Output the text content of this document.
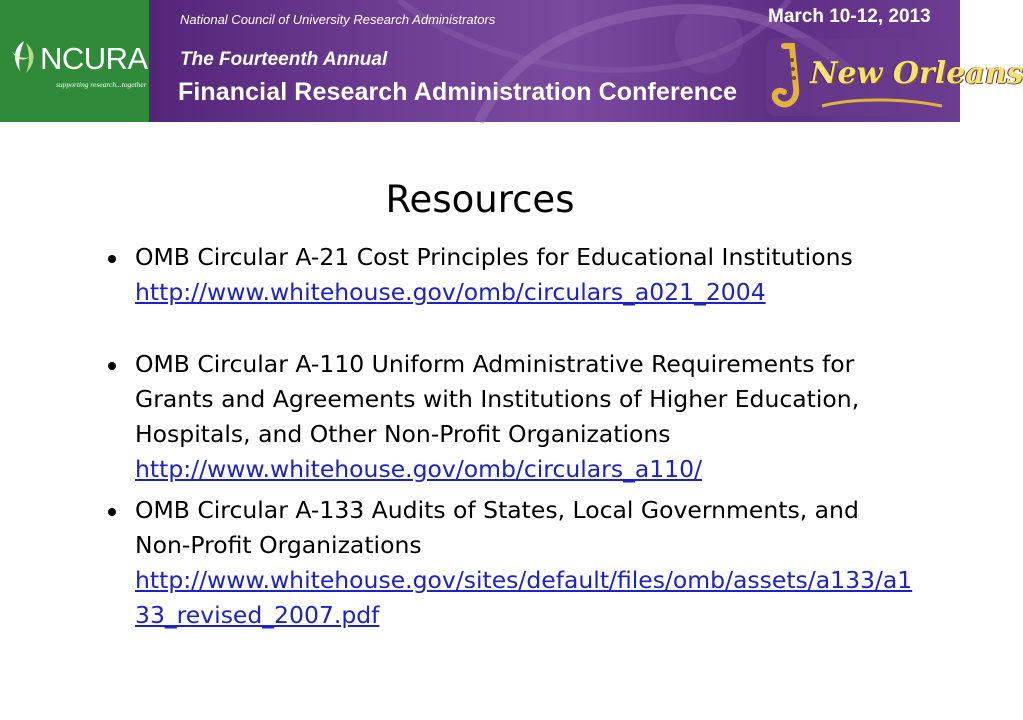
NCURA
supporting research...together
National Council of University Research Administrators
The Fourteenth Annual
Financial Research Administration Conference
March 10-12, 2013
New Orleans
Resources
OMB Circular A-21 Cost Principles for Educational Institutions
http://www.whitehouse.gov/omb/circulars_a021_2004
OMB Circular A-110 Uniform Administrative Requirements for Grants and Agreements with Institutions of Higher Education, Hospitals, and Other Non-Profit Organizations
http://www.whitehouse.gov/omb/circulars_a110/
OMB Circular A-133 Audits of States, Local Governments, and Non-Profit Organizations
http://www.whitehouse.gov/sites/default/files/omb/assets/a133/a133_revised_2007.pdf
